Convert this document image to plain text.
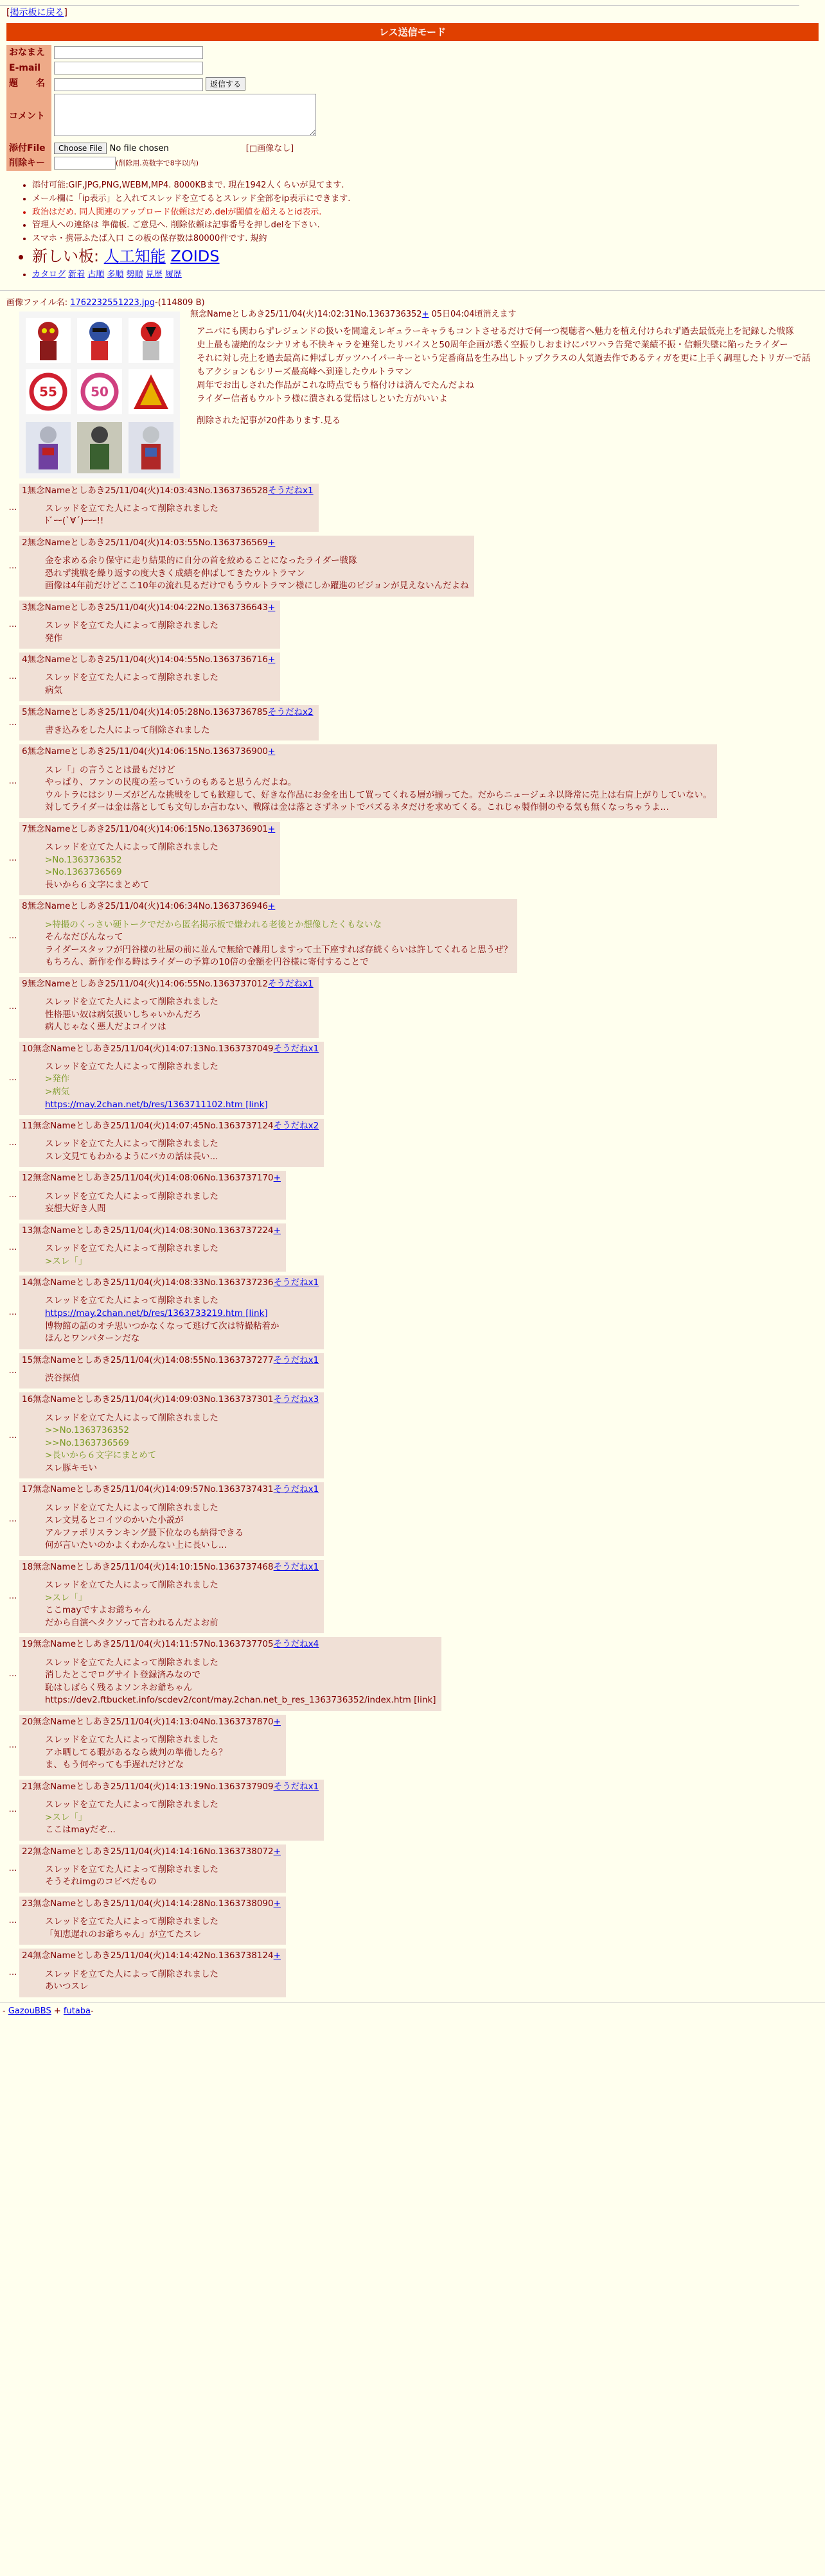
[掲示板に戻る]
レス送信モード
おなまえ	
E-mail	
題　　名	返信する
コメント	
添付File	Choose File No file chosen [□画像なし]
削除キー	(削除用.英数字で8字以内)
• 添付可能:GIF,JPG,PNG,WEBM,MP4. 8000KBまで. 現在1942人くらいが見てます.
• メール欄に「ip表示」と入れてスレッドを立てるとスレッド全部をip表示にできます.
• 政治はだめ. 同人関連のアップロード依頼はだめ.delが閾値を超えるとid表示.
• 管理人への連絡は 準備板. ご意見へ. 削除依頼は記事番号を押しdelを下さい.
• スマホ・携帯ふたば入口 この板の保存数は80000件です. 規約
• 新しい板: 人工知能 ZOIDS
• カタログ 新着 古順 多順 勢順 見歴 履歴
画像ファイル名: 1762232551223.jpg-(114809 B)
55	50
無念Nameとしあき25/11/04(火)14:02:31No.1363736352+ 05日04:04頃消えます
アニバにも関わらずレジェンドの扱いを間違えレギュラーキャラもコントさせるだけで何一つ視聴者へ魅力を植え付けられず過去最低売上を記録した戦隊
史上最も凄絶的なシナリオも不快キャラを連発したリバイスと50周年企画が悉く空振りしおまけにパワハラ告発で業績不振・信頼失墜に陥ったライダー
それに対し売上を過去最高に伸ばしガッツハイパーキーという定番商品を生み出しトップクラスの人気過去作であるティガを更に上手く調理したトリガーで話もアクションもシリーズ最高峰へ到達したウルトラマン
周年でお出しされた作品がこれな時点でもう格付けは済んでたんだよね
ライダー信者もウルトラ様に潰される覚悟はしといた方がいいよ
削除された記事が20件あります.見る
…
1無念Nameとしあき25/11/04(火)14:03:43No.1363736528そうだねx1
スレッドを立てた人によって削除されました
ﾄﾞｰｰ(`∀´)ｰｰｰ!!
…
2無念Nameとしあき25/11/04(火)14:03:55No.1363736569+
金を求める余り保守に走り結果的に自分の首を絞めることになったライダー戦隊
恐れず挑戦を繰り返すの度大きく成績を伸ばしてきたウルトラマン
画像は4年前だけどここ10年の流れ見るだけでもうウルトラマン様にしか躍進のビジョンが見えないんだよね
…
3無念Nameとしあき25/11/04(火)14:04:22No.1363736643+
スレッドを立てた人によって削除されました
発作
…
4無念Nameとしあき25/11/04(火)14:04:55No.1363736716+
スレッドを立てた人によって削除されました
病気
…
5無念Nameとしあき25/11/04(火)14:05:28No.1363736785そうだねx2
書き込みをした人によって削除されました
…
6無念Nameとしあき25/11/04(火)14:06:15No.1363736900+
スレ「」の言うことは最もだけど
やっぱり、ファンの民度の差っていうのもあると思うんだよね。
ウルトラにはシリーズがどんな挑戦をしても歓迎して、好きな作品にお金を出して買ってくれる層が揃ってた。だからニュージェネ以降常に売上は右肩上がりしていない。
対してライダーは金は落としても文句しか言わない、戦隊は金は落とさずネットでバズるネタだけを求めてくる。これじゃ製作側のやる気も無くなっちゃうよ…
…
7無念Nameとしあき25/11/04(火)14:06:15No.1363736901+
スレッドを立てた人によって削除されました
>No.1363736352
>No.1363736569
長いから６文字にまとめて
…
8無念Nameとしあき25/11/04(火)14:06:34No.1363736946+
>特撮のくっさい硬トークでだから匿名掲示板で嫌われる老後とか想像したくもないな
そんなだびんなって
ライダースタッフが円谷様の社屋の前に並んで無給で雑用しますって土下座すれば存続くらいは許してくれると思うぜ？
もちろん、新作を作る時はライダーの予算の10倍の金額を円谷様に寄付することで
…
9無念Nameとしあき25/11/04(火)14:06:55No.1363737012そうだねx1
スレッドを立てた人によって削除されました
性格悪い奴は病気扱いしちゃいかんだろ
病人じゃなく悪人だよコイツは
…
10無念Nameとしあき25/11/04(火)14:07:13No.1363737049そうだねx1
スレッドを立てた人によって削除されました
>発作
>病気
https://may.2chan.net/b/res/1363711102.htm [link]
…
11無念Nameとしあき25/11/04(火)14:07:45No.1363737124そうだねx2
スレッドを立てた人によって削除されました
スレ文見てもわかるようにバカの話は長い...
…
12無念Nameとしあき25/11/04(火)14:08:06No.1363737170+
スレッドを立てた人によって削除されました
妄想大好き人間
…
13無念Nameとしあき25/11/04(火)14:08:30No.1363737224+
スレッドを立てた人によって削除されました
>スレ「」
…
14無念Nameとしあき25/11/04(火)14:08:33No.1363737236そうだねx1
スレッドを立てた人によって削除されました
https://may.2chan.net/b/res/1363733219.htm [link]
博物館の話のオチ思いつかなくなって逃げて次は特撮粘着か
ほんとワンパターンだな
…
15無念Nameとしあき25/11/04(火)14:08:55No.1363737277そうだねx1
渋谷探偵
…
16無念Nameとしあき25/11/04(火)14:09:03No.1363737301そうだねx3
スレッドを立てた人によって削除されました
>>No.1363736352
>>No.1363736569
>長いから６文字にまとめて
スレ豚キモい
…
17無念Nameとしあき25/11/04(火)14:09:57No.1363737431そうだねx1
スレッドを立てた人によって削除されました
スレ文見るとコイツのかいた小説が
アルファポリスランキング最下位なのも納得できる
何が言いたいのかよくわかんない上に長いし...
…
18無念Nameとしあき25/11/04(火)14:10:15No.1363737468そうだねx1
スレッドを立てた人によって削除されました
>スレ「」
ここmayですよお爺ちゃん
だから自演ヘタクソって言われるんだよお前
…
19無念Nameとしあき25/11/04(火)14:11:57No.1363737705そうだねx4
スレッドを立てた人によって削除されました
消したとこでログサイト登録済みなので
恥はしばらく残るよソンネお爺ちゃん
https://dev2.ftbucket.info/scdev2/cont/may.2chan.net_b_res_1363736352/index.htm [link]
…
20無念Nameとしあき25/11/04(火)14:13:04No.1363737870+
スレッドを立てた人によって削除されました
アホ晒してる暇があるなら裁判の準備したら？
ま、もう何やっても手遅れだけどな
…
21無念Nameとしあき25/11/04(火)14:13:19No.1363737909そうだねx1
スレッドを立てた人によって削除されました
>スレ「」
ここはmayだぞ...
…
22無念Nameとしあき25/11/04(火)14:14:16No.1363738072+
スレッドを立てた人によって削除されました
そうそれimgのコピペだもの
…
23無念Nameとしあき25/11/04(火)14:14:28No.1363738090+
スレッドを立てた人によって削除されました
「知恵遅れのお爺ちゃん」が立てたスレ
…
24無念Nameとしあき25/11/04(火)14:14:42No.1363738124+
スレッドを立てた人によって削除されました
あいつスレ
- GazouBBS + futaba-
